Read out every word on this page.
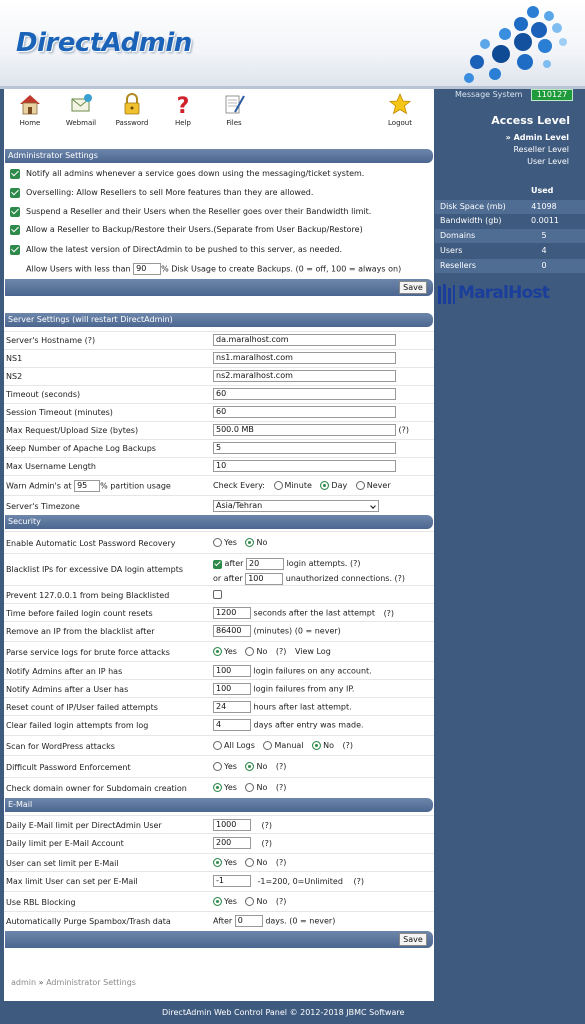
DirectAdmin
Home	Webmail	Password
?
Help	Files	Logout
Message System	110127
Access Level
» Admin Level
Reseller Level
User Level
Used
Disk Space (mb)	41098
Bandwidth (gb)	0.0011
Domains	5
Users	4
Resellers	0
MaralHost
Administrator Settings
Notify all admins whenever a service goes down using the messaging/ticket system.
Overselling: Allow Resellers to sell More features than they are allowed.
Suspend a Reseller and their Users when the Reseller goes over their Bandwidth limit.
Allow a Reseller to Backup/Restore their Users.(Separate from User Backup/Restore)
Allow the latest version of DirectAdmin to be pushed to this server, as needed.
Allow Users with less than 90 % Disk Usage to create Backups. (0 = off, 100 = always on)
Save
Server Settings (will restart DirectAdmin)
Server's Hostname (?)	da.maralhost.com
NS1	ns1.maralhost.com
NS2	ns2.maralhost.com
Timeout (seconds)	60
Session Timeout (minutes)	60
Max Request/Upload Size (bytes)	500.0 MB	(?)
Keep Number of Apache Log Backups	5
Max Username Length	10
Warn Admin's at 95 % partition usage	Check Every: Minute Day Never
Server's Timezone	Asia/Tehran
Security
Enable Automatic Lost Password Recovery	Yes No
Blacklist IPs for excessive DA login attempts
after 20	login attempts. (?)
or after 100	unauthorized connections. (?)
Prevent 127.0.0.1 from being Blacklisted
Time before failed login count resets	1200 seconds after the last attempt (?)
Remove an IP from the blacklist after	86400 (minutes) (0 = never)
Parse service logs for brute force attacks	Yes No (?) View Log
Notify Admins after an IP has	100	login failures on any account.
Notify Admins after a User has	100	login failures from any IP.
Reset count of IP/User failed attempts	24	hours after last attempt.
Clear failed login attempts from log	4	days after entry was made.
Scan for WordPress attacks	All Logs Manual No (?)
Difficult Password Enforcement	Yes No (?)
Check domain owner for Subdomain creation	Yes No (?)
E-Mail
Daily E-Mail limit per DirectAdmin User	1000	(?)
Daily limit per E-Mail Account	200	(?)
User can set limit per E-Mail	Yes No (?)
Max limit User can set per E-Mail	-1	-1=200, 0=Unlimited (?)
Use RBL Blocking	Yes No (?)
Automatically Purge Spambox/Trash data	After 0	days. (0 = never)
Save
admin » Administrator Settings
DirectAdmin Web Control Panel © 2012-2018 JBMC Software
